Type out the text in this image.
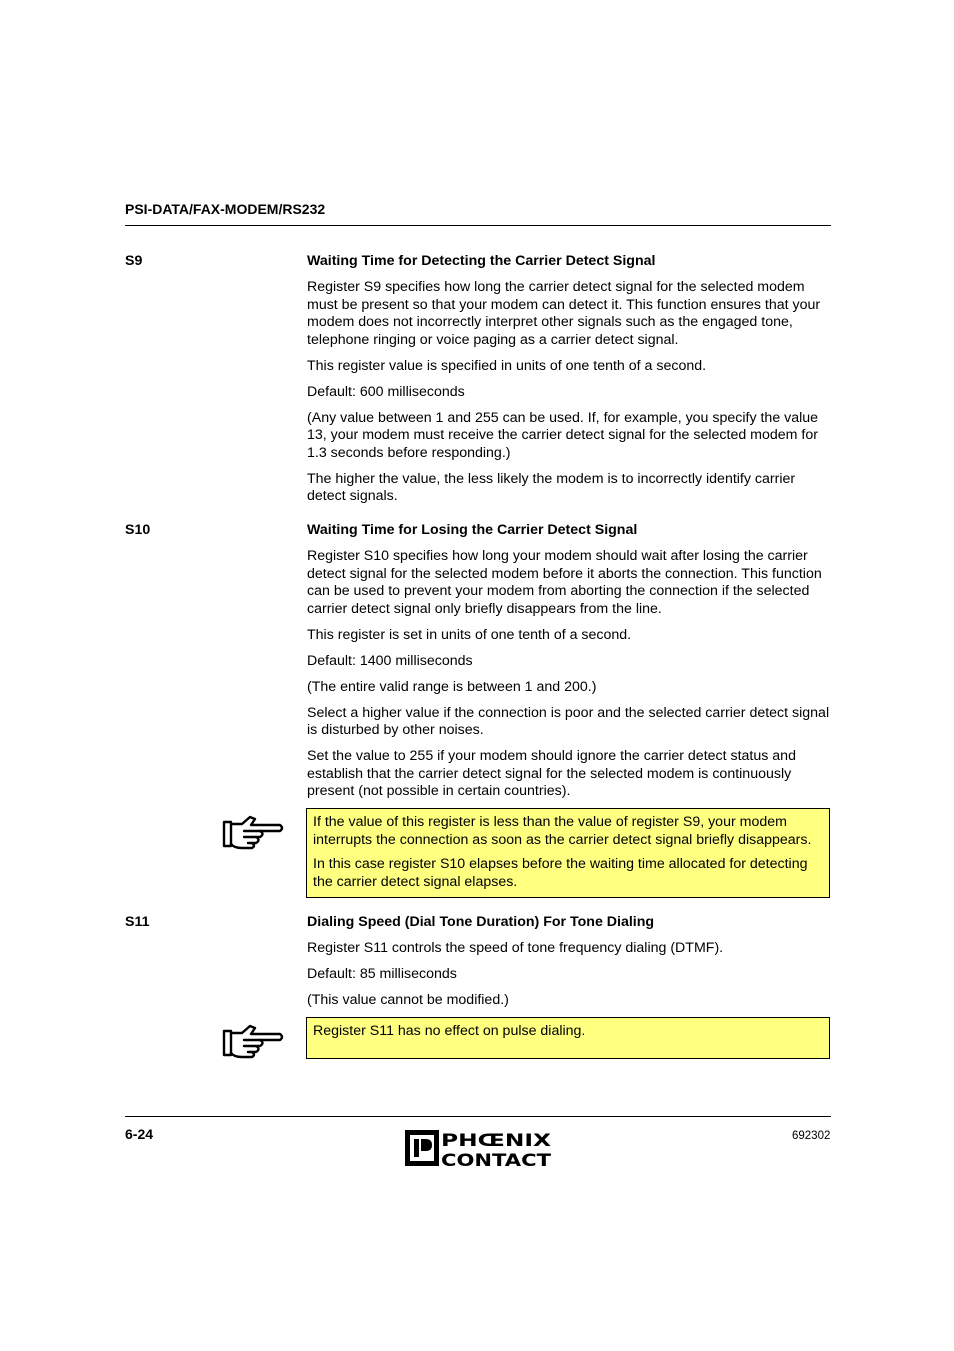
PSI-DATA/FAX-MODEM/RS232
S9	Waiting Time for Detecting the Carrier Detect Signal

Register S9 specifies how long the carrier detect signal for the selected modem must be present so that your modem can detect it. This function ensures that your modem does not incorrectly interpret other signals such as the engaged tone, telephone ringing or voice paging as a carrier detect signal.

This register value is specified in units of one tenth of a second.

Default: 600 milliseconds

(Any value between 1 and 255 can be used. If, for example, you specify the value 13, your modem must receive the carrier detect signal for the selected modem for 1.3 seconds before responding.)

The higher the value, the less likely the modem is to incorrectly identify carrier detect signals.

S10	Waiting Time for Losing the Carrier Detect Signal

Register S10 specifies how long your modem should wait after losing the carrier detect signal for the selected modem before it aborts the connection. This function can be used to prevent your modem from aborting the connection if the selected carrier detect signal only briefly disappears from the line.

This register is set in units of one tenth of a second.

Default: 1400 milliseconds

(The entire valid range is between 1 and 200.)

Select a higher value if the connection is poor and the selected carrier detect signal is disturbed by other noises.

Set the value to 255 if your modem should ignore the carrier detect status and establish that the carrier detect signal for the selected modem is continuously present (not possible in certain countries).

If the value of this register is less than the value of register S9, your modem interrupts the connection as soon as the carrier detect signal briefly disappears.

In this case register S10 elapses before the waiting time allocated for detecting the carrier detect signal elapses.

S11	Dialing Speed (Dial Tone Duration) For Tone Dialing

Register S11 controls the speed of tone frequency dialing (DTMF).

Default: 85 milliseconds

(This value cannot be modified.)

Register S11 has no effect on pulse dialing.

6-24	PHŒNIX
CONTACT
692302
